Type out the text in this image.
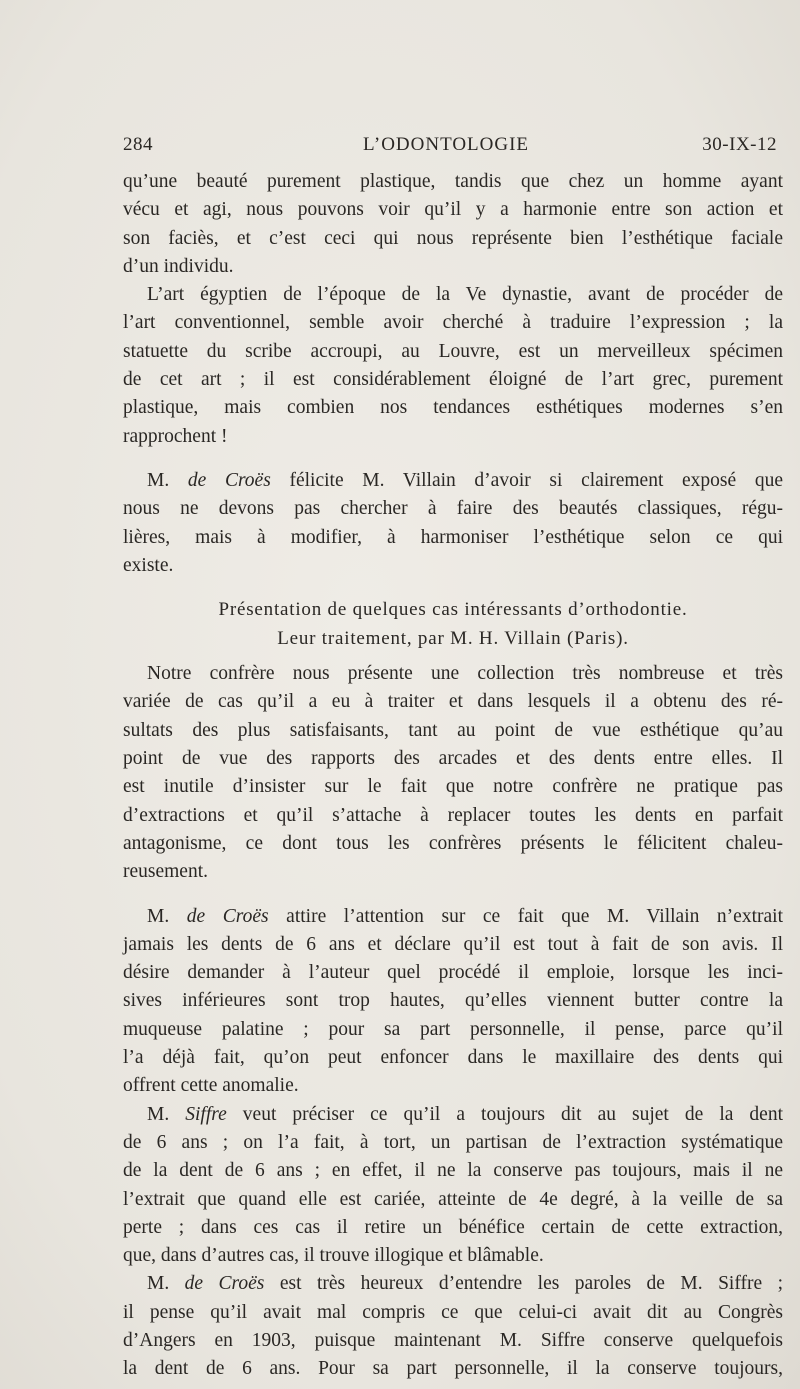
284	L’ODONTOLOGIE	30-IX-12
qu’une beauté purement plastique, tandis que chez un homme ayant
vécu et agi, nous pouvons voir qu’il y a harmonie entre son action et
son faciès, et c’est ceci qui nous représente bien l’esthétique faciale
d’un individu.
L’art égyptien de l’époque de la Ve dynastie, avant de procéder de
l’art conventionnel, semble avoir cherché à traduire l’expression ; la
statuette du scribe accroupi, au Louvre, est un merveilleux spécimen
de cet art ; il est considérablement éloigné de l’art grec, purement
plastique, mais combien nos tendances esthétiques modernes s’en
rapprochent !
M. de Croës félicite M. Villain d’avoir si clairement exposé que
nous ne devons pas chercher à faire des beautés classiques, régu-
lières, mais à modifier, à harmoniser l’esthétique selon ce qui
existe.
Présentation de quelques cas intéressants d’orthodontie.
Leur traitement, par M. H. Villain (Paris).
Notre confrère nous présente une collection très nombreuse et très
variée de cas qu’il a eu à traiter et dans lesquels il a obtenu des ré-
sultats des plus satisfaisants, tant au point de vue esthétique qu’au
point de vue des rapports des arcades et des dents entre elles. Il
est inutile d’insister sur le fait que notre confrère ne pratique pas
d’extractions et qu’il s’attache à replacer toutes les dents en parfait
antagonisme, ce dont tous les confrères présents le félicitent chaleu-
reusement.
M. de Croës attire l’attention sur ce fait que M. Villain n’extrait
jamais les dents de 6 ans et déclare qu’il est tout à fait de son avis. Il
désire demander à l’auteur quel procédé il emploie, lorsque les inci-
sives inférieures sont trop hautes, qu’elles viennent butter contre la
muqueuse palatine ; pour sa part personnelle, il pense, parce qu’il
l’a déjà fait, qu’on peut enfoncer dans le maxillaire des dents qui
offrent cette anomalie.
M. Siffre veut préciser ce qu’il a toujours dit au sujet de la dent
de 6 ans ; on l’a fait, à tort, un partisan de l’extraction systématique
de la dent de 6 ans ; en effet, il ne la conserve pas toujours, mais il ne
l’extrait que quand elle est cariée, atteinte de 4e degré, à la veille de sa
perte ; dans ces cas il retire un bénéfice certain de cette extraction,
que, dans d’autres cas, il trouve illogique et blâmable.
M. de Croës est très heureux d’entendre les paroles de M. Siffre ;
il pense qu’il avait mal compris ce que celui-ci avait dit au Congrès
d’Angers en 1903, puisque maintenant M. Siffre conserve quelquefois
la dent de 6 ans. Pour sa part personnelle, il la conserve toujours,
